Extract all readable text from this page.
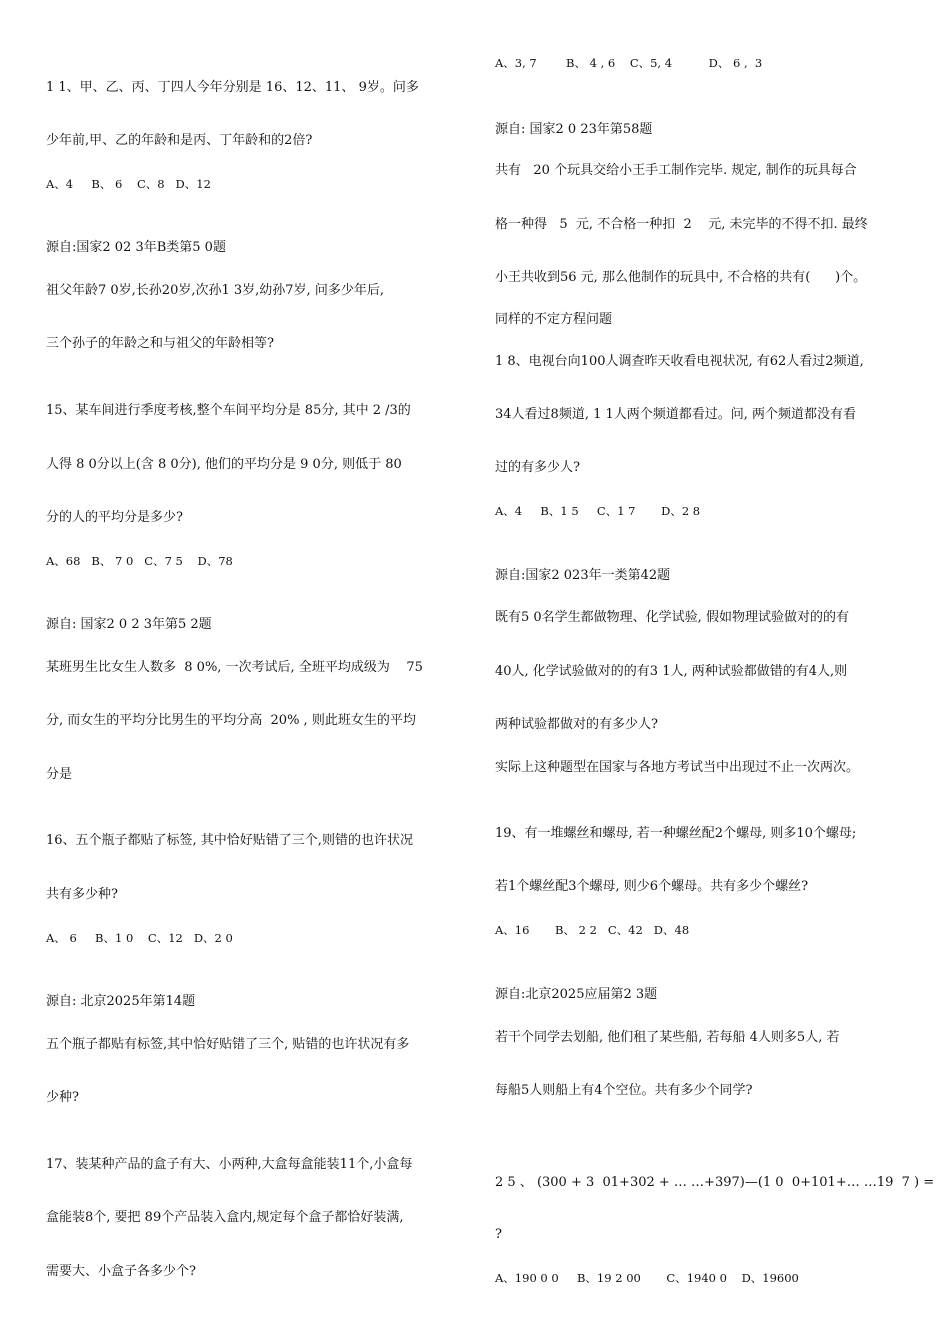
1 1、甲、乙、丙、丁四人今年分别是 16、12、11、 9岁。问多
少年前,甲、乙的年龄和是丙、丁年龄和的2倍?
A、4     B、 6    C、8   D、12
源自:国家2 02 3年B类第5 0题
祖父年龄7 0岁,长孙20岁,次孙1 3岁,幼孙7岁, 问多少年后,
三个孙子的年龄之和与祖父的年龄相等?
15、某车间进行季度考核,整个车间平均分是 85分, 其中 2 /3的
人得 8 0分以上(含 8 0分), 他们的平均分是 9 0分, 则低于 80
分的人的平均分是多少?
A、68   B、 7 0   C、7 5    D、78
源自: 国家2 0 2 3年第5 2题
某班男生比女生人数多  8 0%, 一次考试后, 全班平均成级为    75
分, 而女生的平均分比男生的平均分高  20% , 则此班女生的平均
分是
16、五个瓶子都贴了标签, 其中恰好贴错了三个,则错的也许状况
共有多少种?
A、 6     B、1 0    C、12   D、2 0
源自: 北京2025年第14题
五个瓶子都贴有标签,其中恰好贴错了三个, 贴错的也许状况有多
少种?
17、装某种产品的盒子有大、小两种,大盒每盒能装11个,小盒每
盒能装8个, 要把 89个产品装入盒内,规定每个盒子都恰好装满,
需要大、小盒子各多少个?
A、3, 7        B、 4 , 6    C、5, 4          D、 6 ,  3
源自: 国家2 0 23年第58题
共有   20 个玩具交给小王手工制作完毕. 规定, 制作的玩具每合
格一种得   5  元, 不合格一种扣  2    元, 未完毕的不得不扣. 最终
小王共收到56 元, 那么他制作的玩具中, 不合格的共有(      )个。
同样的不定方程问题
1 8、电视台向100人调查昨天收看电视状况, 有62人看过2频道,
34人看过8频道, 1 1人两个频道都看过。问, 两个频道都没有看
过的有多少人?
A、4     B、1 5     C、1 7       D、2 8
源自:国家2 023年一类第42题
既有5 0名学生都做物理、化学试验, 假如物理试验做对的的有
40人, 化学试验做对的的有3 1人, 两种试验都做错的有4人,则
两种试验都做对的有多少人?
实际上这种题型在国家与各地方考试当中出现过不止一次两次。
19、有一堆螺丝和螺母, 若一种螺丝配2个螺母, 则多10个螺母;
若1个螺丝配3个螺母, 则少6个螺母。共有多少个螺丝?
A、16       B、 2 2   C、42   D、48
源自:北京2025应届第2 3题
若干个同学去划船, 他们租了某些船, 若每船 4人则多5人, 若
每船5人则船上有4个空位。共有多少个同学?
2 5 、 (300 + 3  01+302 + … …+397)—(1 0  0+101+… …19  7 ) =
?
A、190 0 0     B、19 2 00       C、1940 0    D、19600
